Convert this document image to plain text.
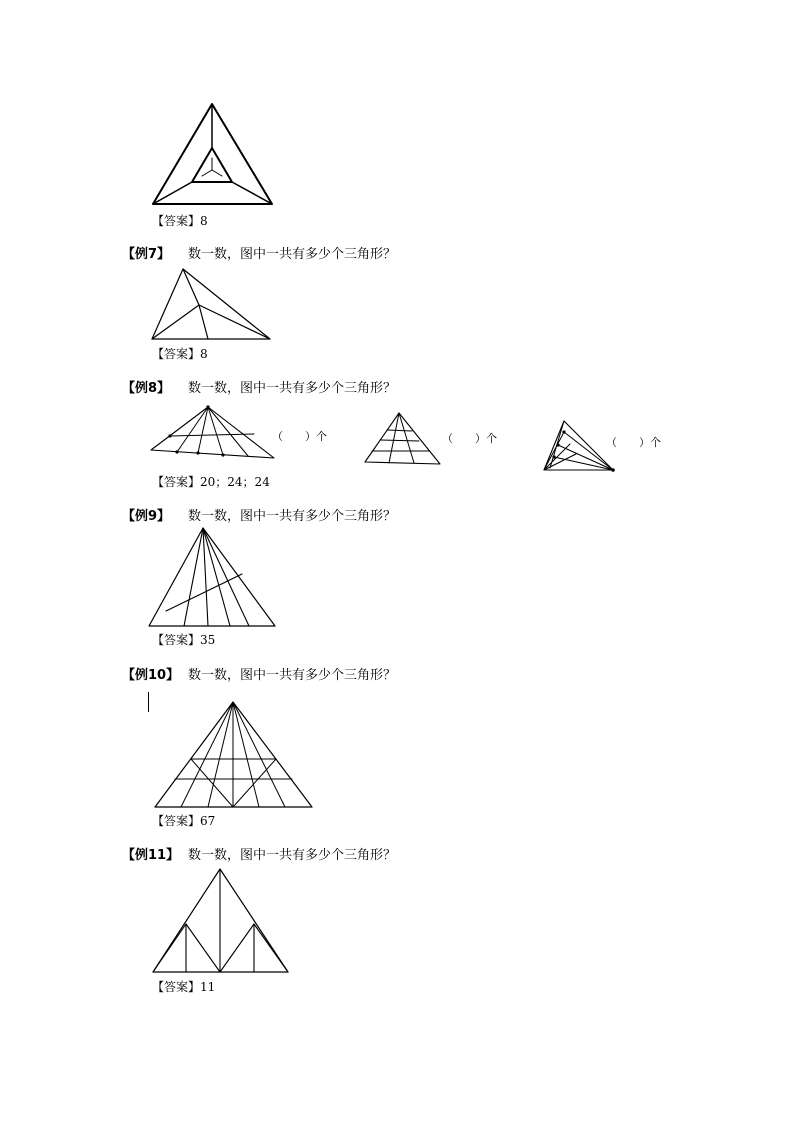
【答案】8
【例7】 数一数，图中一共有多少个三角形？
【答案】8
【例8】 数一数，图中一共有多少个三角形？
（　　）个	（　　）个	（　　）个
【答案】20；24；24
【例9】 数一数，图中一共有多少个三角形？
【答案】35
【例10】 数一数，图中一共有多少个三角形？
【答案】67
【例11】 数一数，图中一共有多少个三角形？
【答案】11
